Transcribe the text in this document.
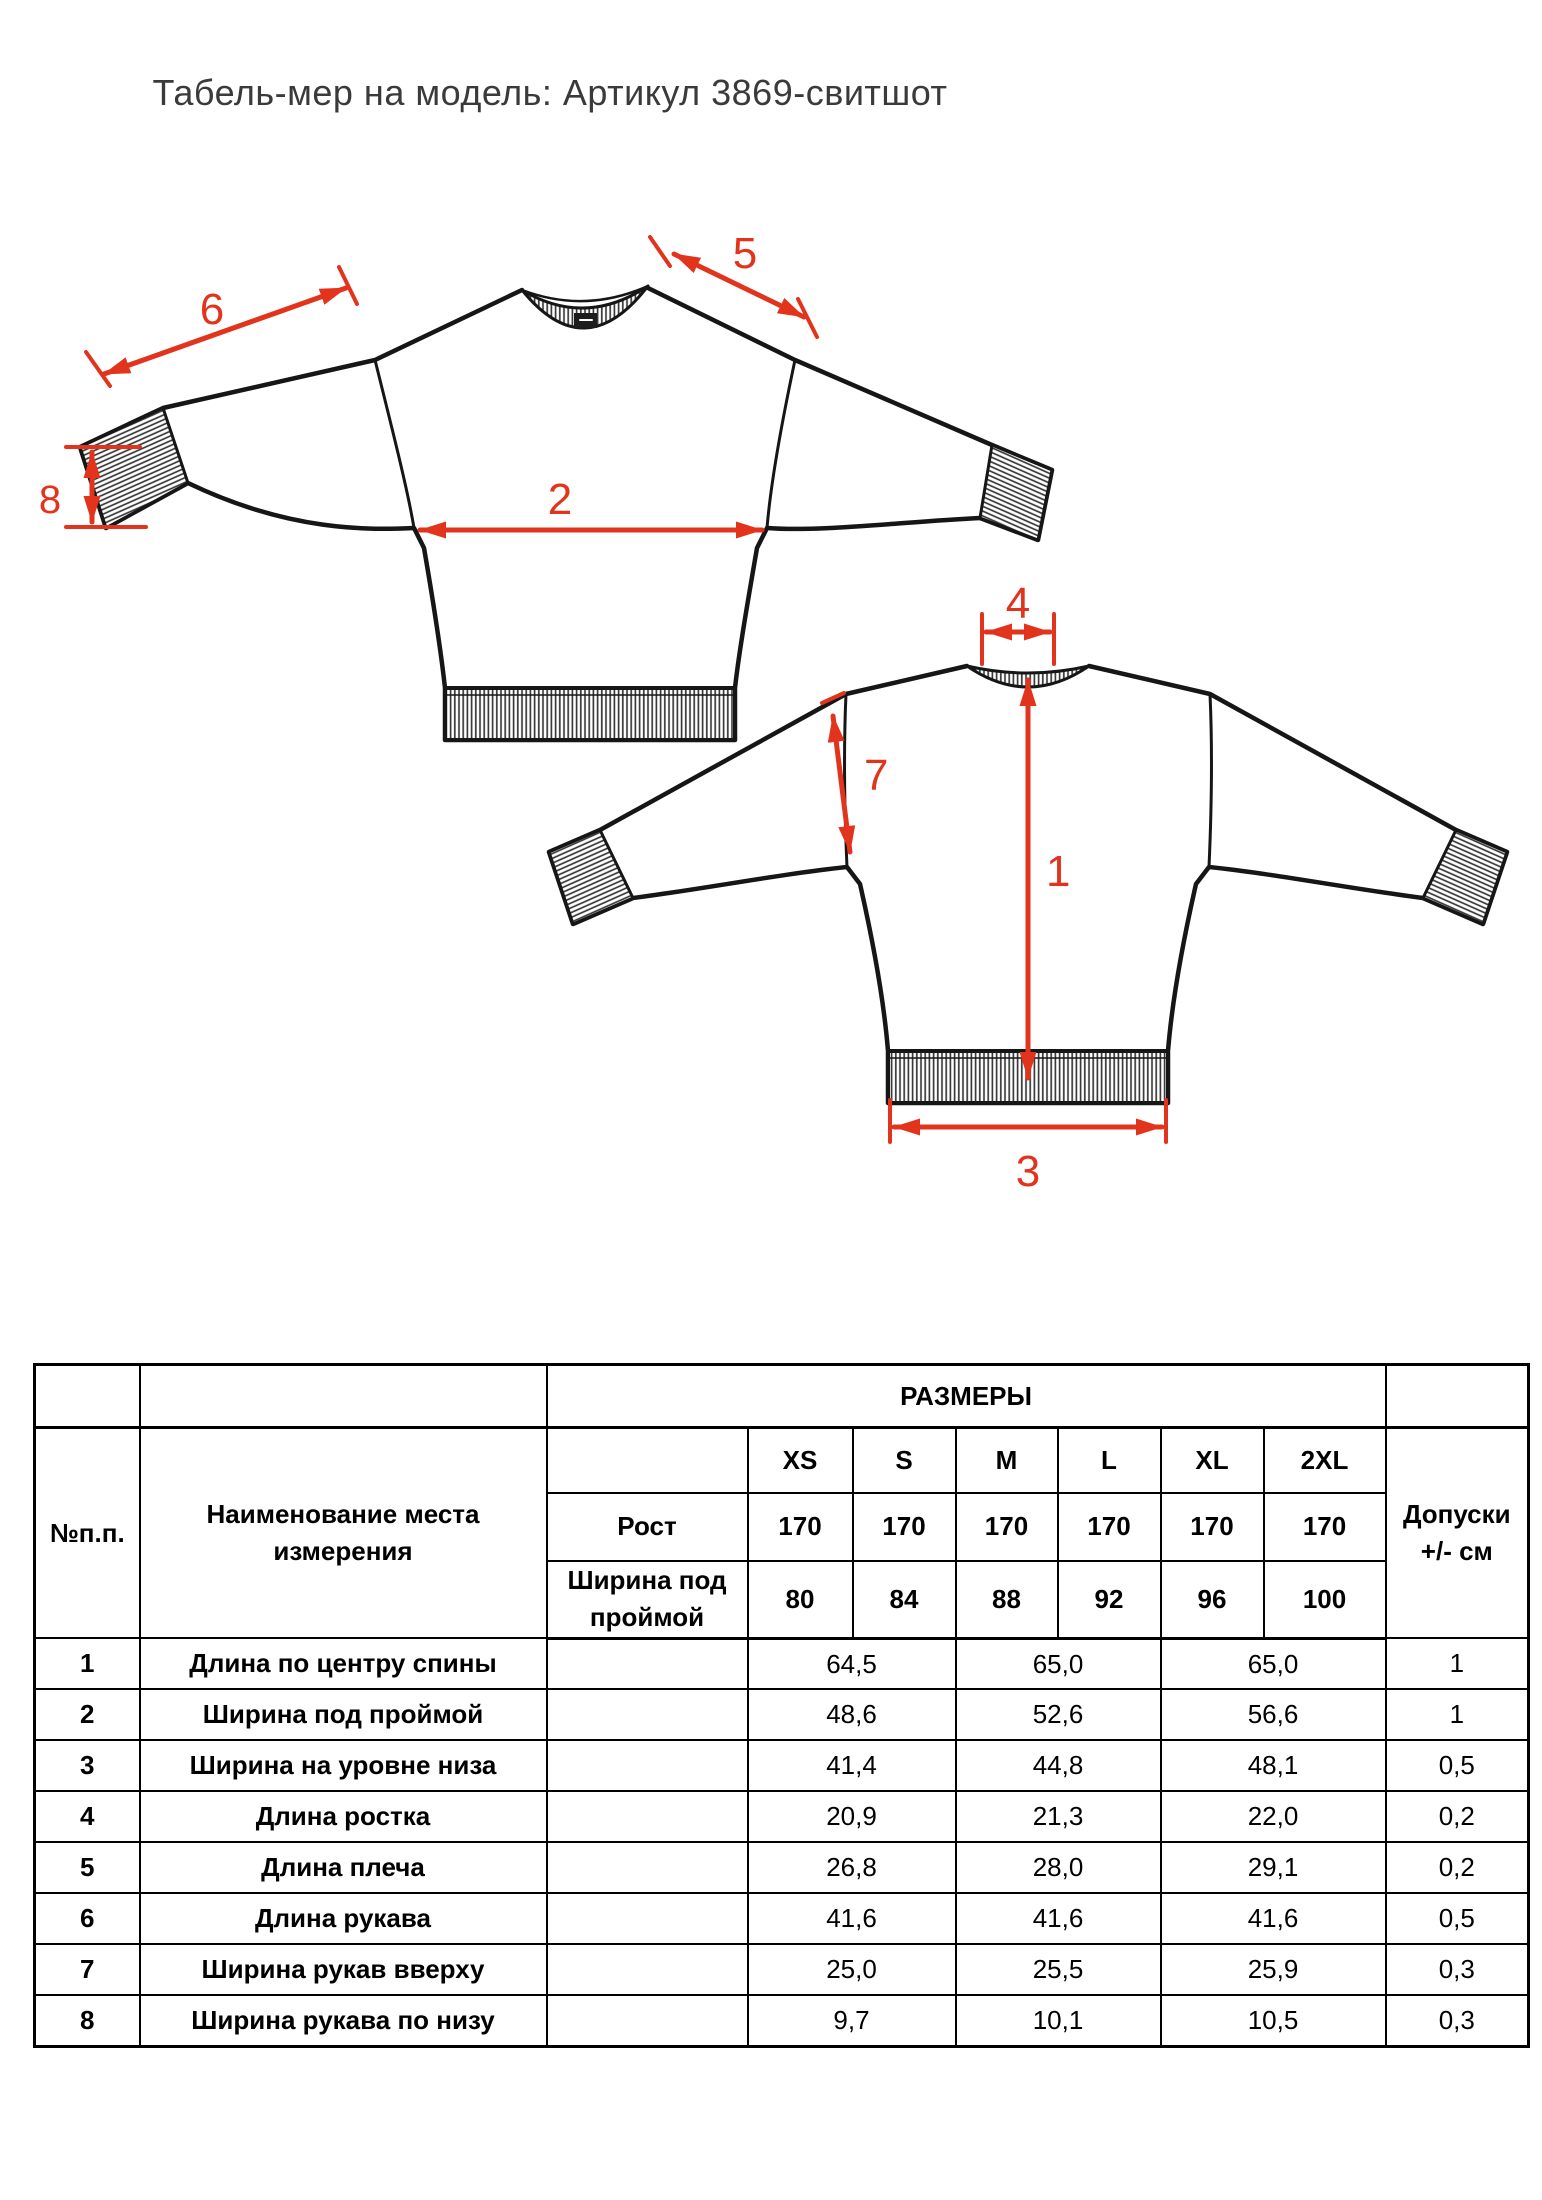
Табель-мер на модель: Артикул 3869-свитшот
5
6
8	2
4
1
7
3
		РАЗМЕРЫ							
№п.п.	Наименование места измерения		XS	S	M	L	XL	2XL	Допуски +/- см
		Рост	170	170	170	170	170	170	
		Ширина под проймой	80	84	88	92	96	100	
1	Длина по центру спины		64,5		65,0		65,0		1
2	Ширина под проймой		48,6		52,6		56,6		1
3	Ширина на уровне низа		41,4		44,8		48,1		0,5
4	Длина ростка		20,9		21,3		22,0		0,2
5	Длина плеча		26,8		28,0		29,1		0,2
6	Длина рукава		41,6		41,6		41,6		0,5
7	Ширина рукав вверху		25,0		25,5		25,9		0,3
8	Ширина рукава по низу		9,7		10,1		10,5		0,3
